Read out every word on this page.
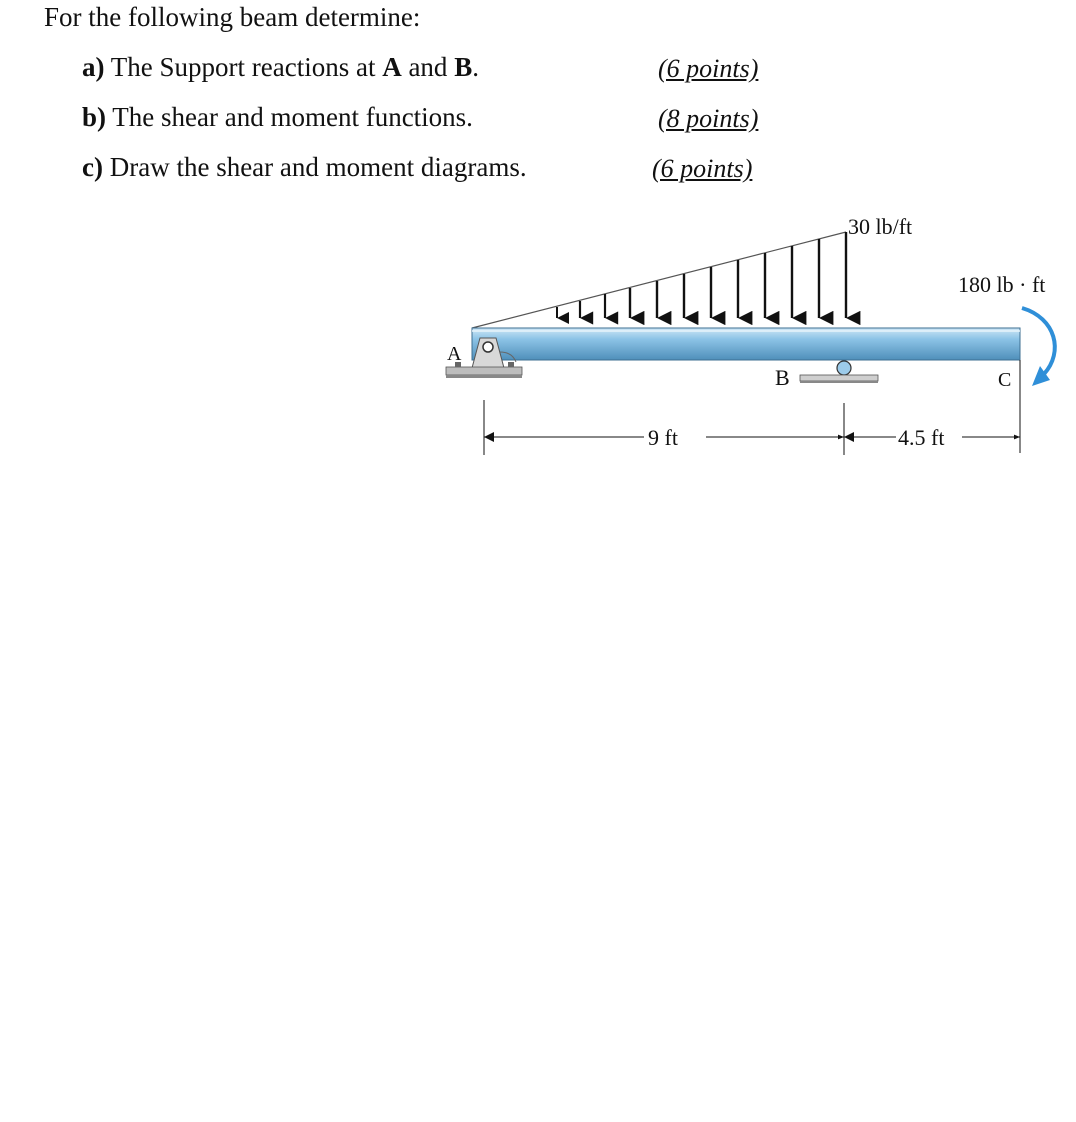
For the following beam determine:
a) The Support reactions at A and B.	(6 points)
b) The shear and moment functions.	(8 points)
c) Draw the shear and moment diagrams.	(6 points)
30 lb/ft
A
B	C
180 lb · ft
9 ft	4.5 ft
